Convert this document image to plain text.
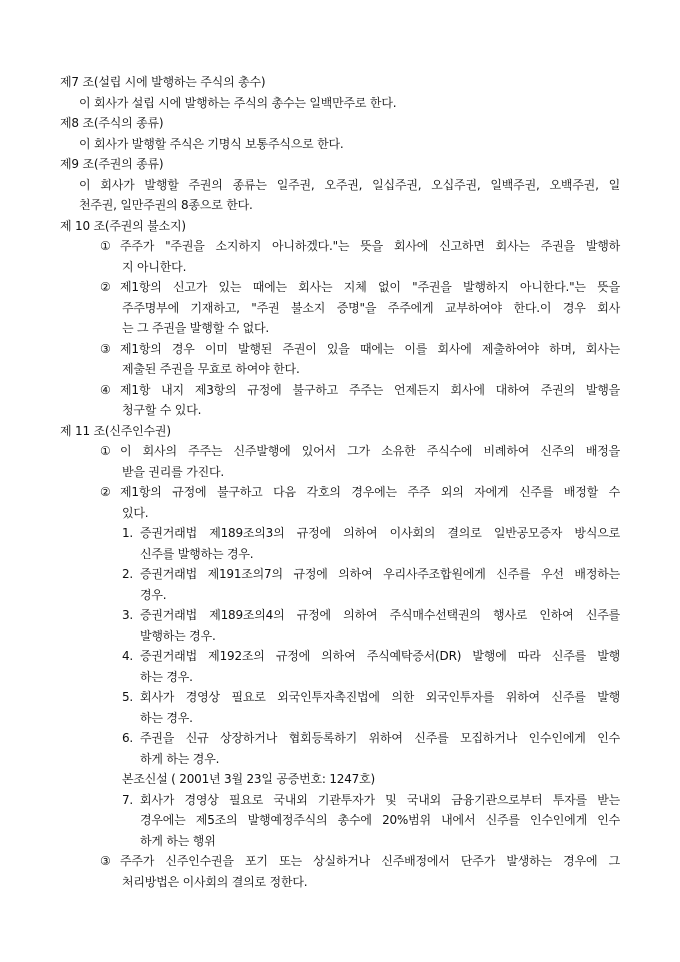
제7 조(설립 시에 발행하는 주식의 총수)
이 회사가 설립 시에 발행하는 주식의 총수는 일백만주로 한다.
제8 조(주식의 종류)
이 회사가 발행할 주식은 기명식 보통주식으로 한다.
제9 조(주권의 종류)
이 회사가 발행할 주권의 종류는 일주권, 오주권, 일십주권, 오십주권, 일백주권, 오백주권, 일
천주권, 일만주권의 8종으로 한다.
제 10 조(주권의 불소지)
① 주주가 "주권을 소지하지 아니하겠다."는 뜻을 회사에 신고하면 회사는 주권을 발행하
지 아니한다.
② 제1항의 신고가 있는 때에는 회사는 지체 없이 "주권을 발행하지 아니한다."는 뜻을
주주명부에 기재하고, "주권 불소지 증명"을 주주에게 교부하여야 한다.이 경우 회사
는 그 주권을 발행할 수 없다.
③ 제1항의 경우 이미 발행된 주권이 있을 때에는 이를 회사에 제출하여야 하며, 회사는
제출된 주권을 무효로 하여야 한다.
④ 제1항 내지 제3항의 규정에 불구하고 주주는 언제든지 회사에 대하여 주권의 발행을
청구할 수 있다.
제 11 조(신주인수권)
① 이 회사의 주주는 신주발행에 있어서 그가 소유한 주식수에 비례하여 신주의 배정을
받을 권리를 가진다.
② 제1항의 규정에 불구하고 다음 각호의 경우에는 주주 외의 자에게 신주를 배정할 수
있다.
1. 증권거래법 제189조의3의 규정에 의하여 이사회의 결의로 일반공모증자 방식으로
신주를 발행하는 경우.
2. 증권거래법 제191조의7의 규정에 의하여 우리사주조합원에게 신주를 우선 배정하는
경우.
3. 증권거래법 제189조의4의 규정에 의하여 주식매수선택권의 행사로 인하여 신주를
발행하는 경우.
4. 증권거래법 제192조의 규정에 의하여 주식예탁증서(DR) 발행에 따라 신주를 발행
하는 경우.
5. 회사가 경영상 필요로 외국인투자촉진법에 의한 외국인투자를 위하여 신주를 발행
하는 경우.
6. 주권을 신규 상장하거나 협회등록하기 위하여 신주를 모집하거나 인수인에게 인수
하게 하는 경우.
본조신설 ( 2001년 3월 23일 공증번호: 1247호)
7. 회사가 경영상 필요로 국내외 기관투자가 및 국내외 금융기관으로부터 투자를 받는
경우에는 제5조의 발행예정주식의 총수에 20%범위 내에서 신주를 인수인에게 인수
하게 하는 행위
③ 주주가 신주인수권을 포기 또는 상실하거나 신주배정에서 단주가 발생하는 경우에 그
처리방법은 이사회의 결의로 정한다.
